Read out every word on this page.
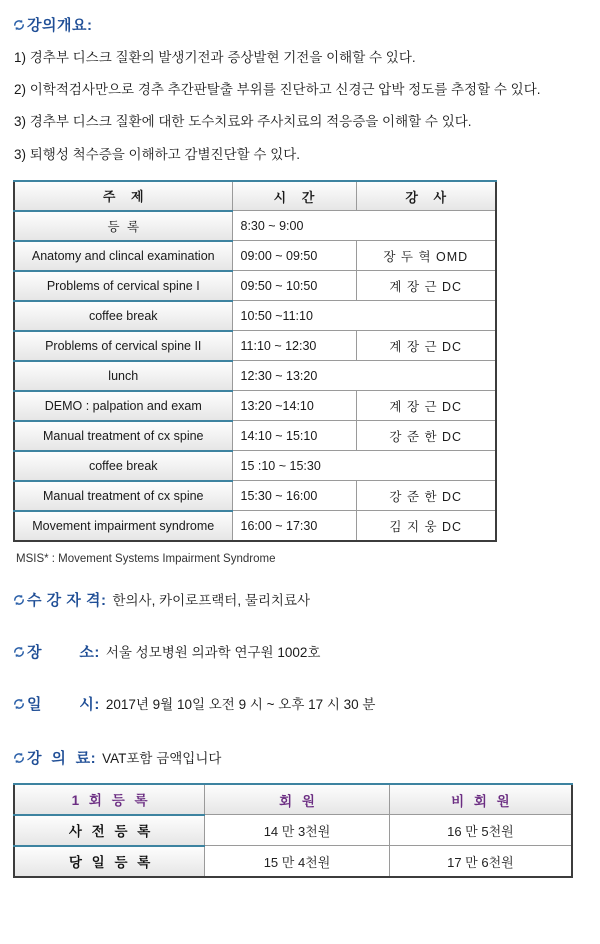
강의개요:
1) 경추부 디스크 질환의 발생기전과 증상발현 기전을 이해할 수 있다.
2) 이학적검사만으로 경추 추간판탈출 부위를 진단하고 신경근 압박 정도를 추정할 수 있다.
3) 경추부 디스크 질환에 대한 도수치료와 주사치료의 적응증을 이해할 수 있다.
3) 퇴행성 척수증을 이해하고 감별진단할 수 있다.
주 제	시 간	강 사
등 록	8:30 ~ 9:00	
Anatomy and clincal examination	09:00 ~ 09:50	장 두 혁 OMD
Problems of cervical spine I	09:50 ~ 10:50	계 장 근 DC
coffee break	10:50 ~11:10	
Problems of cervical spine II	11:10 ~ 12:30	계 장 근 DC
lunch	12:30 ~ 13:20	
DEMO : palpation and exam	13:20 ~14:10	계 장 근 DC
Manual treatment of cx spine	14:10 ~ 15:10	강 준 한 DC
coffee break	15 :10 ~ 15:30	
Manual treatment of cx spine	15:30 ~ 16:00	강 준 한 DC
Movement impairment syndrome	16:00 ~ 17:30	김 지 웅 DC
MSIS* : Movement Systems Impairment Syndrome
수 강 자 격: 한의사, 카이로프랙터, 물리치료사
장        소: 서울 성모병원 의과학 연구원 1002호
일        시: 2017년 9월 10일 오전 9 시 ~ 오후 17 시 30 분
강  의  료: VAT포함 금액입니다
1 회 등 록	회 원	비 회 원
사 전 등 록	14 만 3천원	16 만 5천원
당 일 등 록	15 만 4천원	17 만 6천원
